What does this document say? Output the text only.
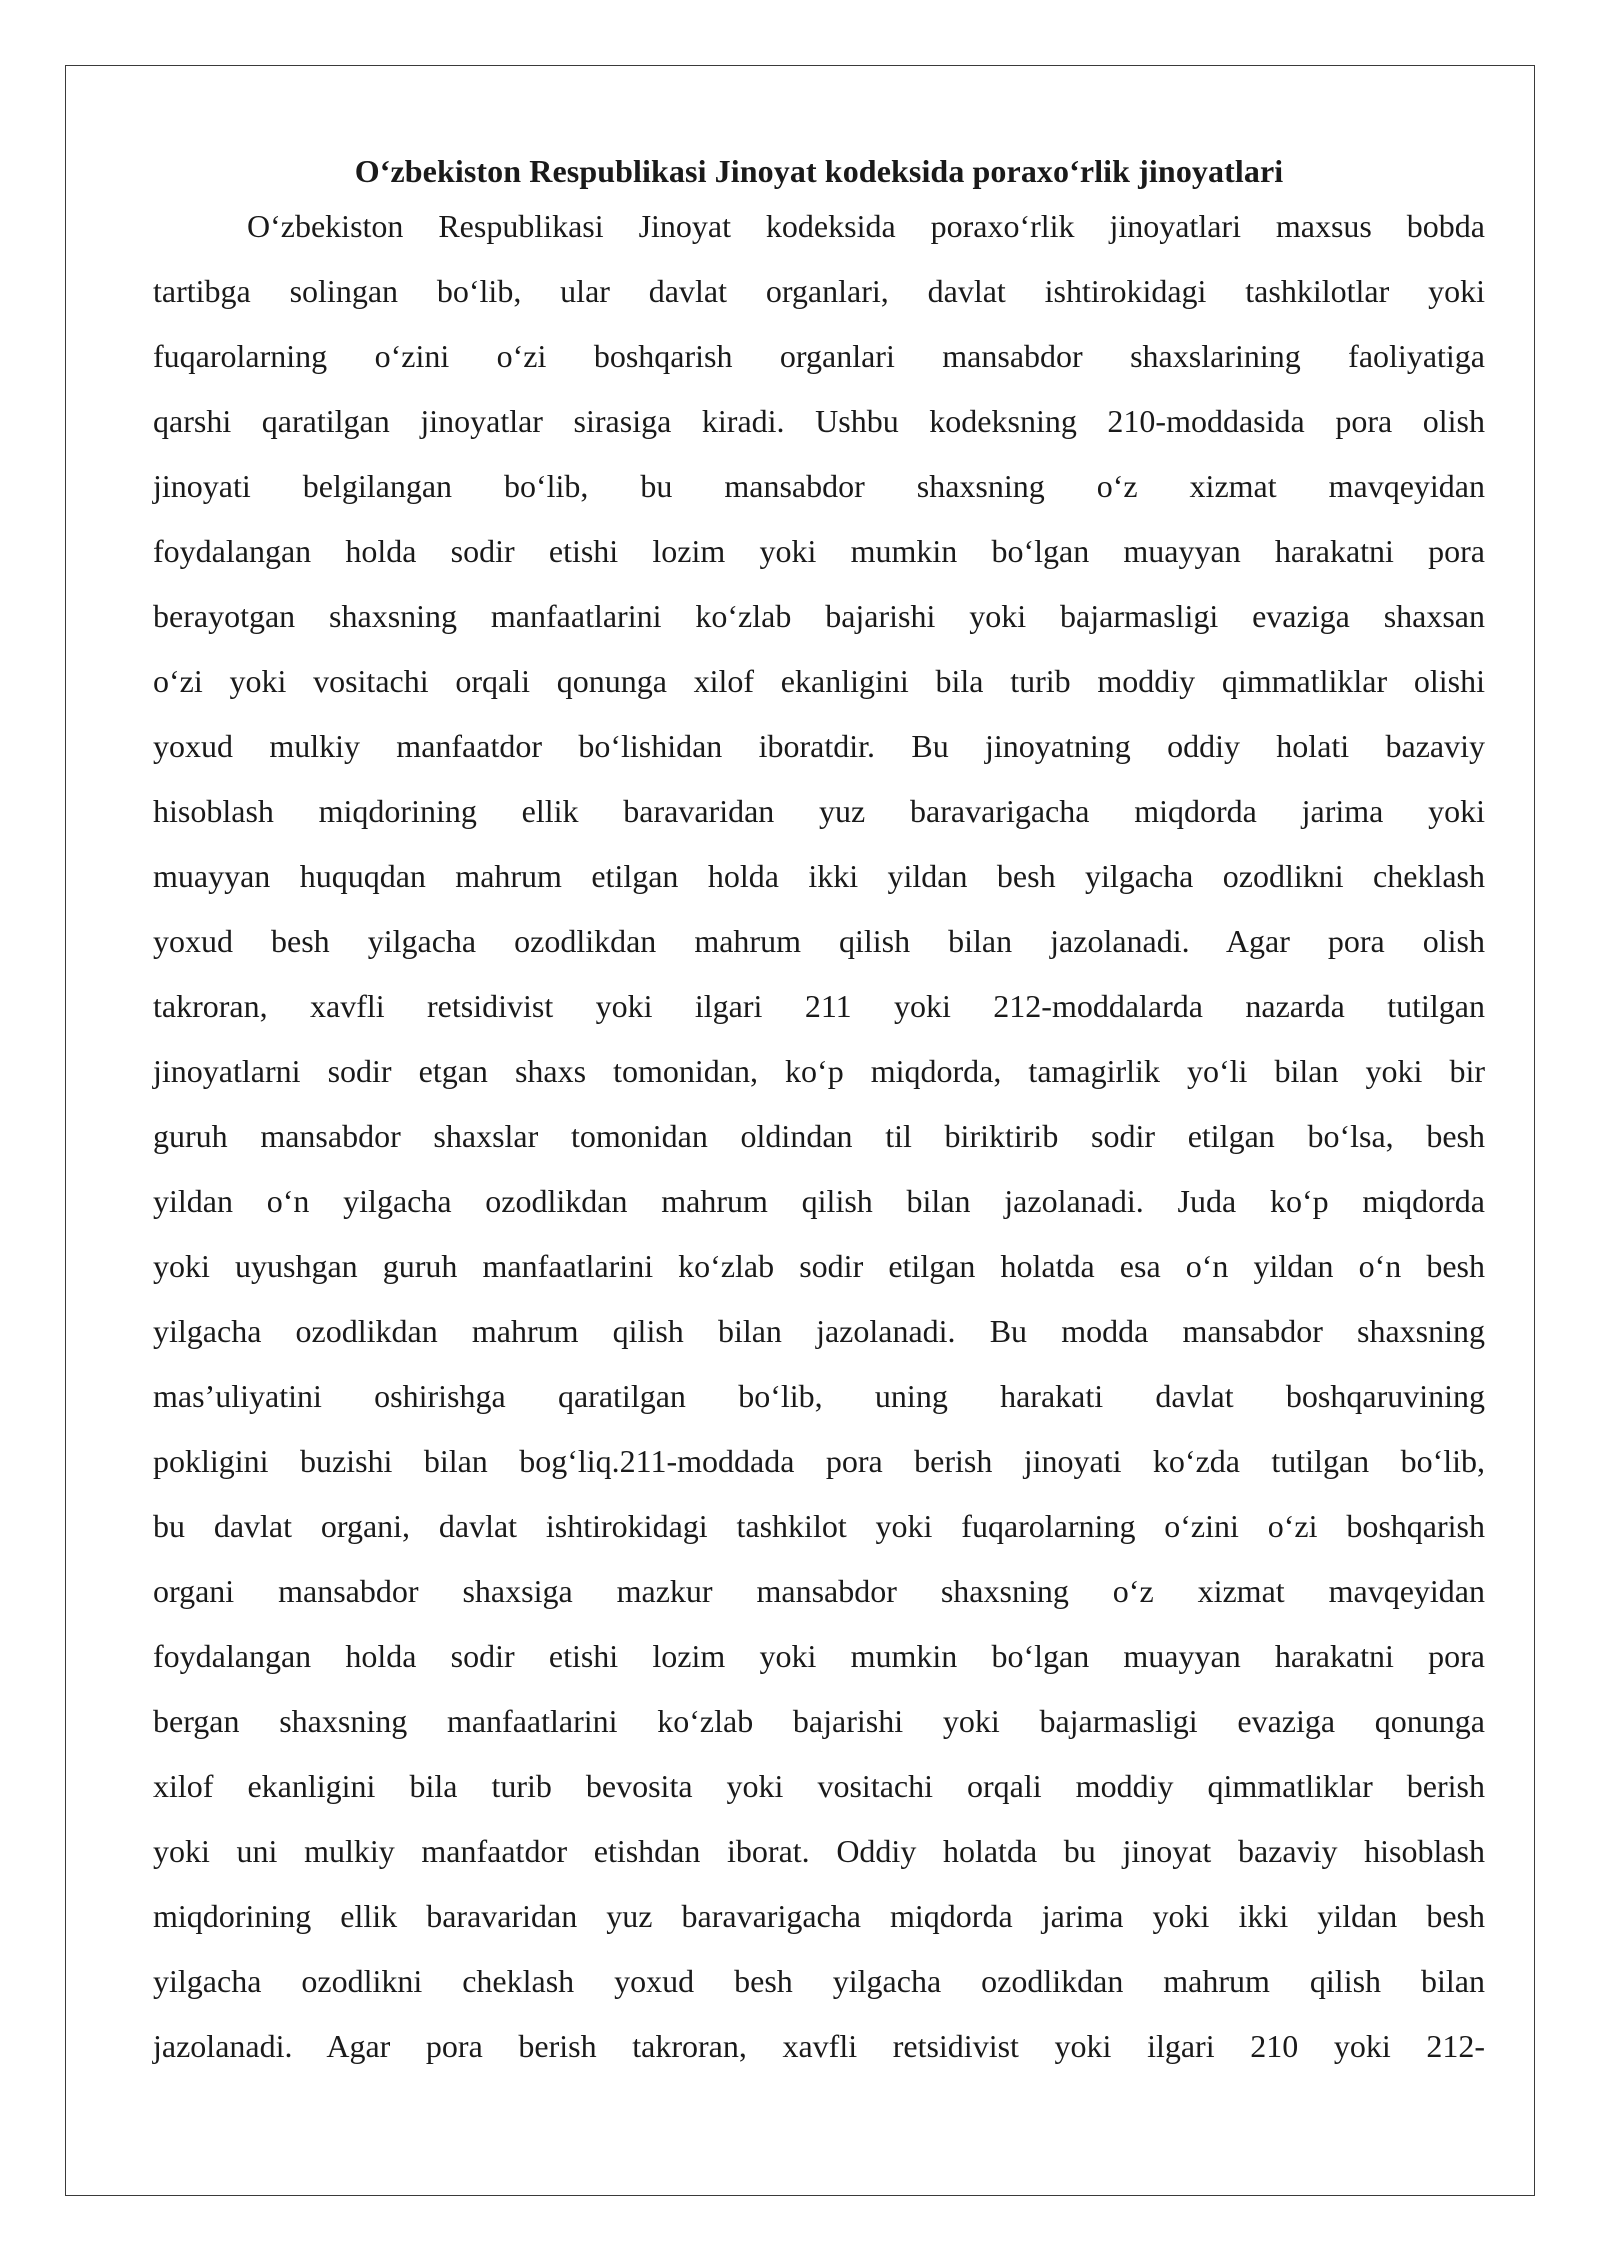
O‘zbekiston Respublikasi Jinoyat kodeksida poraxo‘rlik jinoyatlari
O‘zbekiston Respublikasi Jinoyat kodeksida poraxo‘rlik jinoyatlari maxsus bobda
tartibga solingan bo‘lib, ular davlat organlari, davlat ishtirokidagi tashkilotlar yoki
fuqarolarning o‘zini o‘zi boshqarish organlari mansabdor shaxslarining faoliyatiga
qarshi qaratilgan jinoyatlar sirasiga kiradi. Ushbu kodeksning 210-moddasida pora olish
jinoyati belgilangan bo‘lib, bu mansabdor shaxsning o‘z xizmat mavqeyidan
foydalangan holda sodir etishi lozim yoki mumkin bo‘lgan muayyan harakatni pora
berayotgan shaxsning manfaatlarini ko‘zlab bajarishi yoki bajarmasligi evaziga shaxsan
o‘zi yoki vositachi orqali qonunga xilof ekanligini bila turib moddiy qimmatliklar olishi
yoxud mulkiy manfaatdor bo‘lishidan iboratdir. Bu jinoyatning oddiy holati bazaviy
hisoblash miqdorining ellik baravaridan yuz baravarigacha miqdorda jarima yoki
muayyan huquqdan mahrum etilgan holda ikki yildan besh yilgacha ozodlikni cheklash
yoxud besh yilgacha ozodlikdan mahrum qilish bilan jazolanadi. Agar pora olish
takroran, xavfli retsidivist yoki ilgari 211 yoki 212-moddalarda nazarda tutilgan
jinoyatlarni sodir etgan shaxs tomonidan, ko‘p miqdorda, tamagirlik yo‘li bilan yoki bir
guruh mansabdor shaxslar tomonidan oldindan til biriktirib sodir etilgan bo‘lsa, besh
yildan o‘n yilgacha ozodlikdan mahrum qilish bilan jazolanadi. Juda ko‘p miqdorda
yoki uyushgan guruh manfaatlarini ko‘zlab sodir etilgan holatda esa o‘n yildan o‘n besh
yilgacha ozodlikdan mahrum qilish bilan jazolanadi. Bu modda mansabdor shaxsning
mas’uliyatini oshirishga qaratilgan bo‘lib, uning harakati davlat boshqaruvining
pokligini buzishi bilan bog‘liq.211-moddada pora berish jinoyati ko‘zda tutilgan bo‘lib,
bu davlat organi, davlat ishtirokidagi tashkilot yoki fuqarolarning o‘zini o‘zi boshqarish
organi mansabdor shaxsiga mazkur mansabdor shaxsning o‘z xizmat mavqeyidan
foydalangan holda sodir etishi lozim yoki mumkin bo‘lgan muayyan harakatni pora
bergan shaxsning manfaatlarini ko‘zlab bajarishi yoki bajarmasligi evaziga qonunga
xilof ekanligini bila turib bevosita yoki vositachi orqali moddiy qimmatliklar berish
yoki uni mulkiy manfaatdor etishdan iborat. Oddiy holatda bu jinoyat bazaviy hisoblash
miqdorining ellik baravaridan yuz baravarigacha miqdorda jarima yoki ikki yildan besh
yilgacha ozodlikni cheklash yoxud besh yilgacha ozodlikdan mahrum qilish bilan
jazolanadi. Agar pora berish takroran, xavfli retsidivist yoki ilgari 210 yoki 212-
